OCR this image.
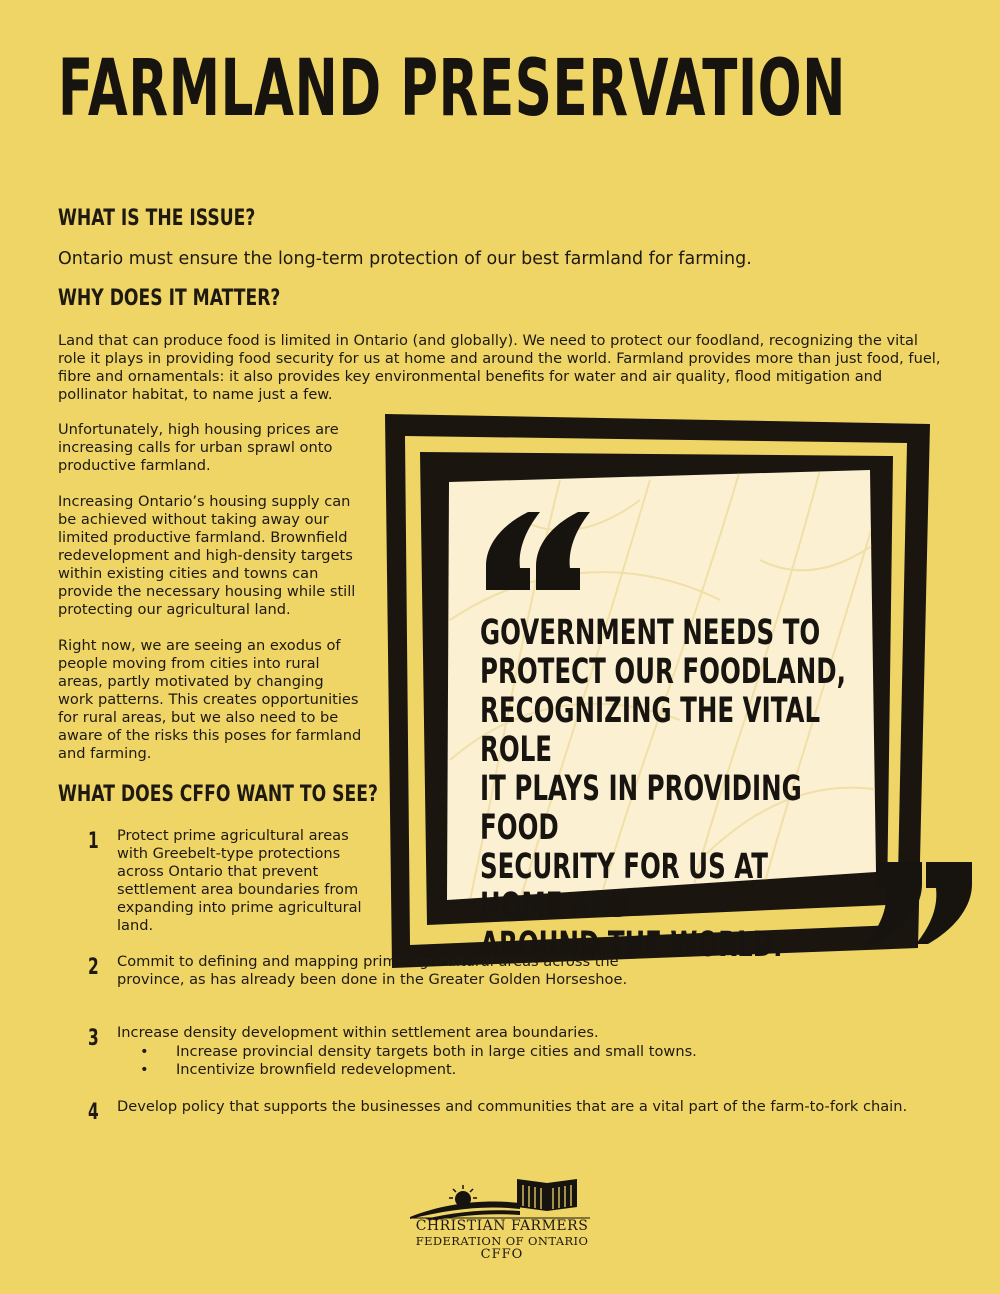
FARMLAND PRESERVATION
WHAT IS THE ISSUE?
Ontario must ensure the long-term protection of our best farmland for farming.
WHY DOES IT MATTER?

Land that can produce food is limited in Ontario (and globally). We need to protect our foodland, recognizing the vital role it plays in providing food security for us at home and around the world. Farmland provides more than just food, fuel, fibre and ornamentals: it also provides key environmental benefits for water and air quality, flood mitigation and pollinator habitat, to name just a few.

Unfortunately, high housing prices are increasing calls for urban sprawl onto productive farmland.

Increasing Ontario’s housing supply can be achieved without taking away our limited productive farmland. Brownfield redevelopment and high-density targets within existing cities and towns can provide the necessary housing while still protecting our agricultural land.

Right now, we are seeing an exodus of people moving from cities into rural areas, partly motivated by changing work patterns. This creates opportunities for rural areas, but we also need to be aware of the risks this poses for farmland and farming.

GOVERNMENT NEEDS TO
PROTECT OUR FOODLAND,
RECOGNIZING THE VITAL ROLE
IT PLAYS IN PROVIDING FOOD
SECURITY FOR US AT HOME AND
AROUND THE WORLD.
WHAT DOES CFFO WANT TO SEE?
1 Protect prime agricultural areas with Greebelt-type protections across Ontario that prevent settlement area boundaries from expanding into prime agricultural land.

2 Commit to defining and mapping prime agricultural areas across the province, as has already been done in the Greater Golden Horseshoe.

3 Increase density development within settlement area boundaries.

• Increase provincial density targets both in large cities and small towns.
• Incentivize brownfield redevelopment.
4 Develop policy that supports the businesses and communities that are a vital part of the farm-to-fork chain.

CHRISTIAN FARMERS
FEDERATION OF ONTARIO
CFFO
